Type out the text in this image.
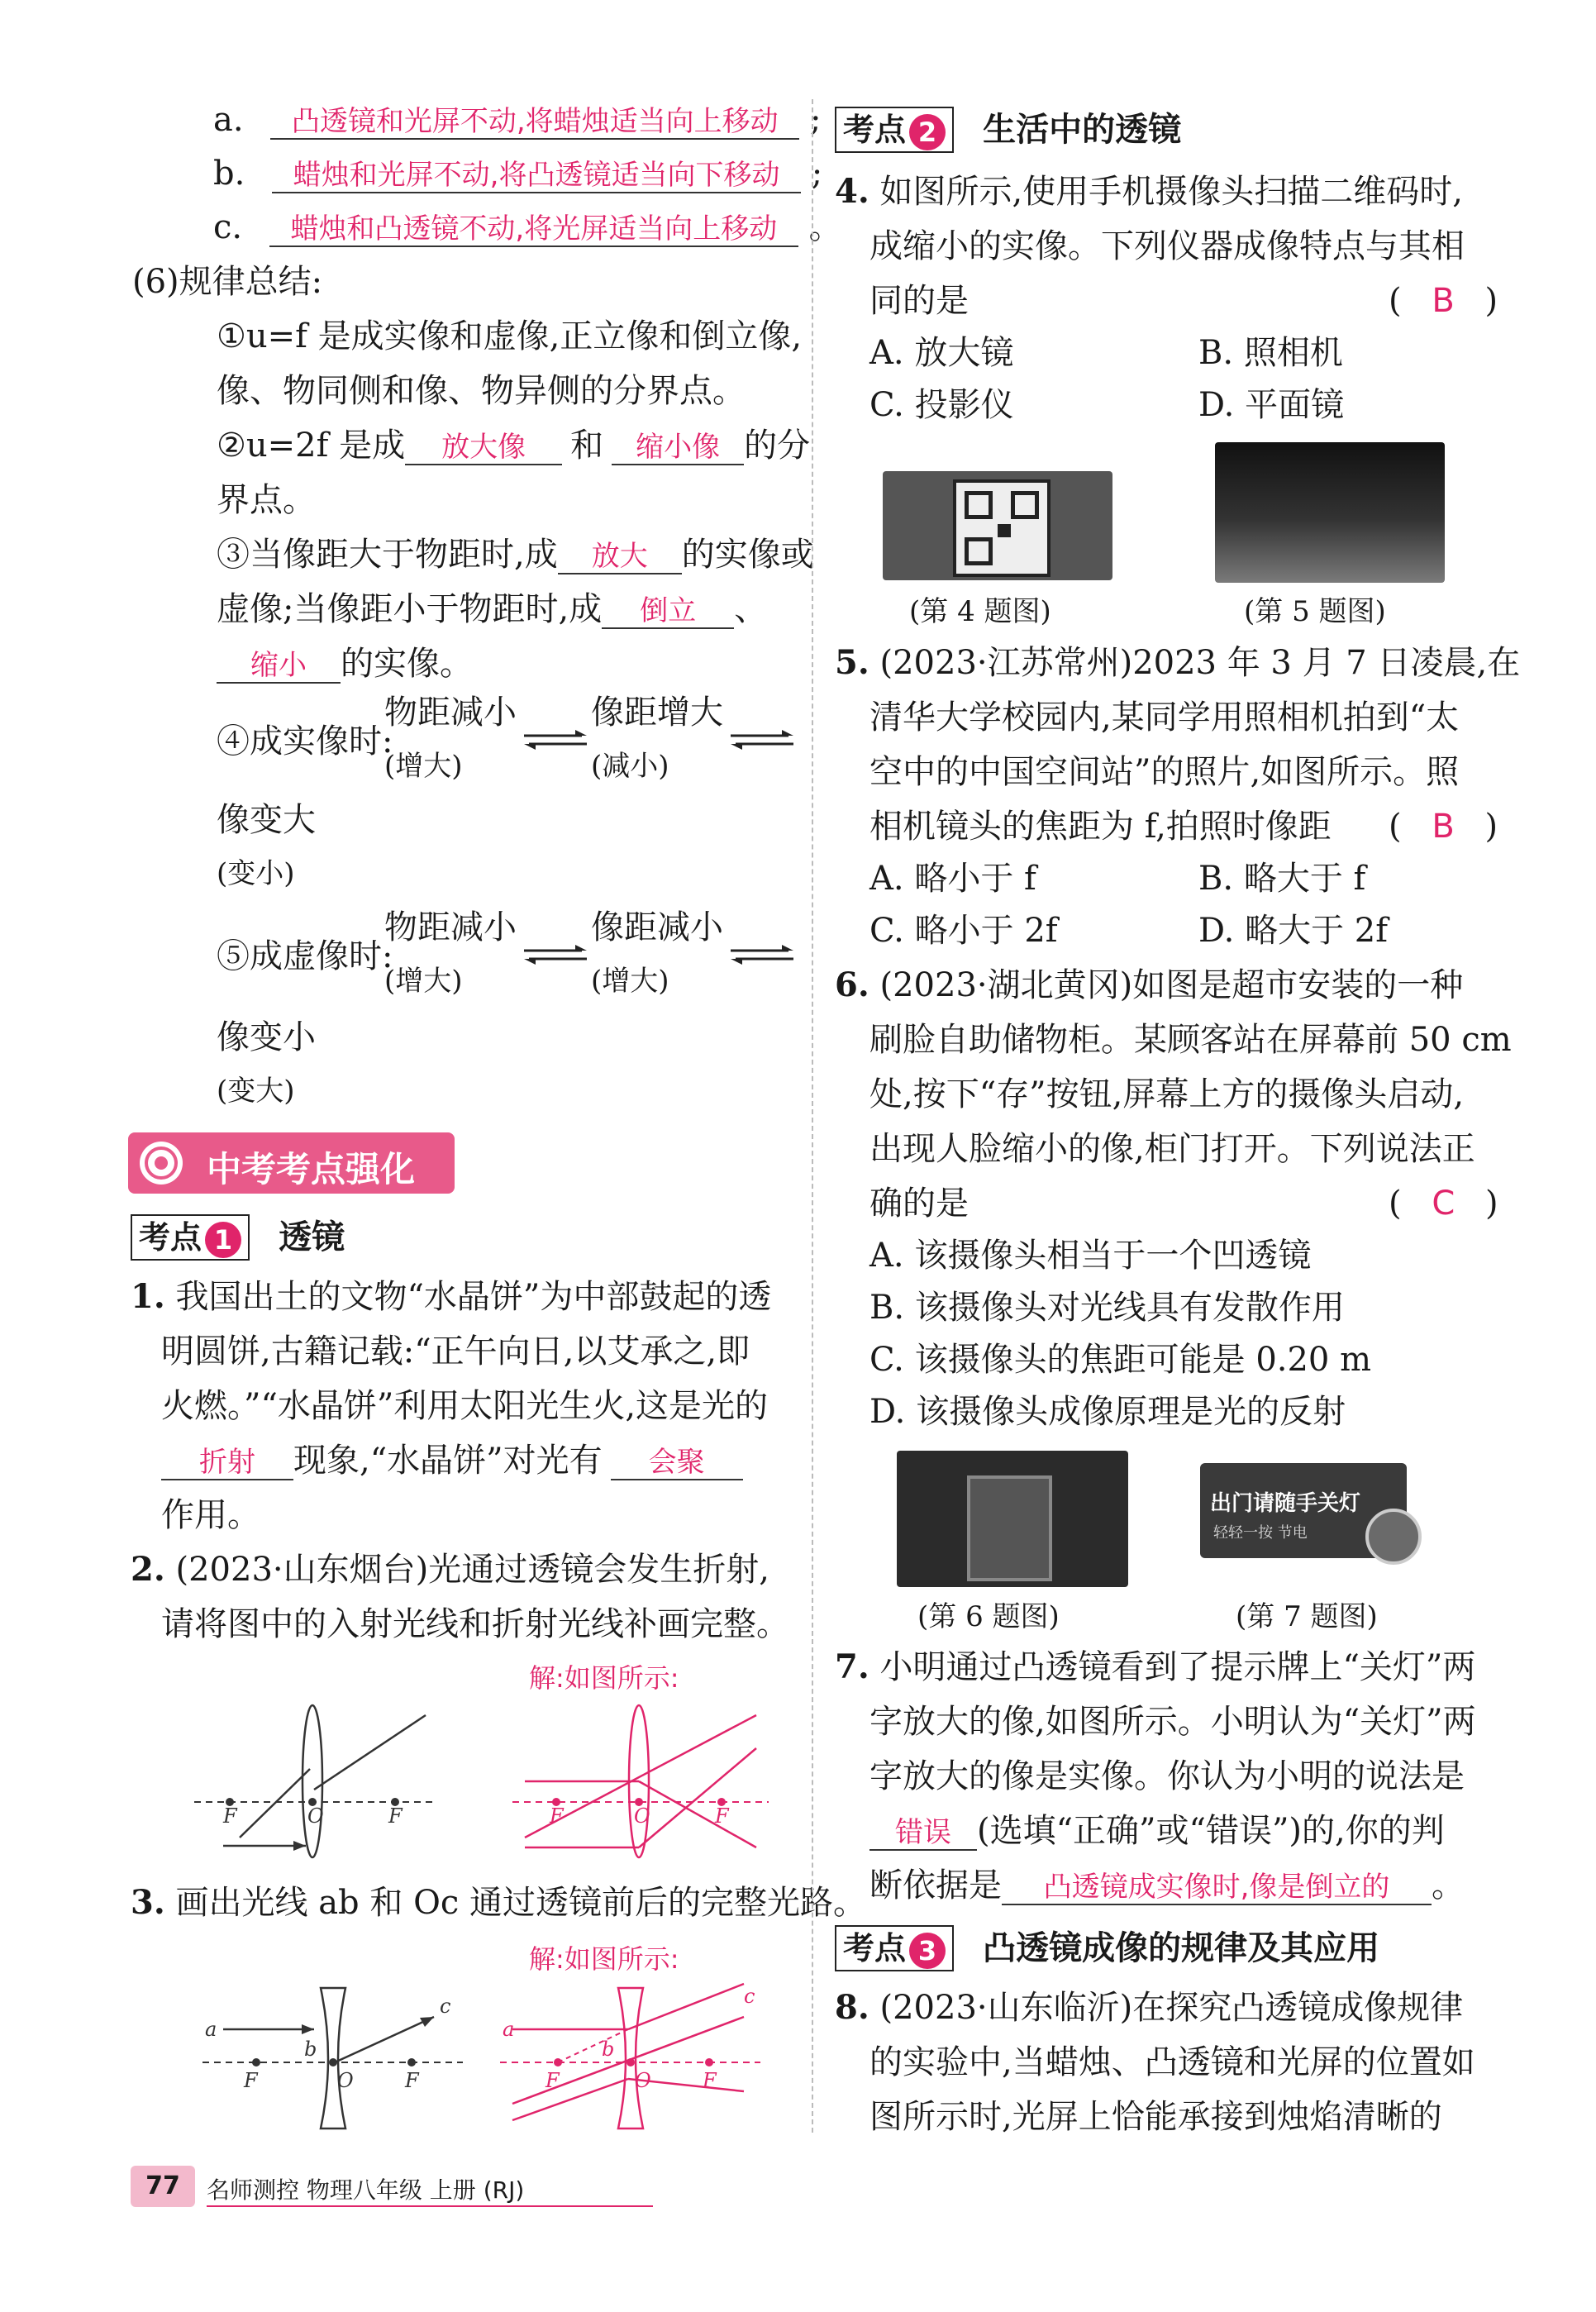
a. 凸透镜和光屏不动,将蜡烛适当向上移动 ;
b. 蜡烛和光屏不动,将凸透镜适当向下移动 ;
c. 蜡烛和凸透镜不动,将光屏适当向上移动 。
(6)规律总结:
①u=f 是成实像和虚像,正立像和倒立像,
像、物同侧和像、物异侧的分界点。
②u=2f 是成 放大像 和 缩小像 的分
界点。
③当像距大于物距时,成 放大 的实像或
虚像;当像距小于物距时,成 倒立 、
缩小 的实像。
④成实像时:
物距减小
(增大)
像距增大
(减小)
像变大
(变小)
⑤成虚像时:
物距减小
(增大)
像距减小
(增大)
像变小
(变大)
中考考点强化
考点 1 透镜
1. 我国出土的文物“水晶饼”为中部鼓起的透
明圆饼,古籍记载:“正午向日,以艾承之,即
火燃。”“水晶饼”利用太阳光生火,这是光的
折射 现象,“水晶饼”对光有 会聚
作用。
2. (2023·山东烟台)光通过透镜会发生折射,
请将图中的入射光线和折射光线补画完整。
解:如图所示:
F	O	F	F	O	F
3. 画出光线 ab 和 Oc 通过透镜前后的完整光路。
解:如图所示:
a
b
c
F	O	F
a
b
c
F	O	F
77	名师测控 物理八年级 上册 (RJ)
考点 2 生活中的透镜
4. 如图所示,使用手机摄像头扫描二维码时,
成缩小的实像。下列仪器成像特点与其相
同的是	( B )
A. 放大镜	B. 照相机
C. 投影仪	D. 平面镜
(第 4 题图)	(第 5 题图)
5. (2023·江苏常州)2023 年 3 月 7 日凌晨,在
清华大学校园内,某同学用照相机拍到“太
空中的中国空间站”的照片,如图所示。照
相机镜头的焦距为 f,拍照时像距 ( B )
A. 略小于 f	B. 略大于 f
C. 略小于 2f	D. 略大于 2f
6. (2023·湖北黄冈)如图是超市安装的一种
刷脸自助储物柜。某顾客站在屏幕前 50 cm
处,按下“存”按钮,屏幕上方的摄像头启动,
出现人脸缩小的像,柜门打开。下列说法正
确的是	( C )
A. 该摄像头相当于一个凹透镜
B. 该摄像头对光线具有发散作用
C. 该摄像头的焦距可能是 0.20 m
D. 该摄像头成像原理是光的反射
出门请随手关灯
轻轻一按 节电
(第 6 题图)	(第 7 题图)
7. 小明通过凸透镜看到了提示牌上“关灯”两
字放大的像,如图所示。小明认为“关灯”两
字放大的像是实像。你认为小明的说法是
错误 (选填“正确”或“错误”)的,你的判
断依据是 凸透镜成实像时,像是倒立的 。
考点 3 凸透镜成像的规律及其应用
8. (2023·山东临沂)在探究凸透镜成像规律
的实验中,当蜡烛、凸透镜和光屏的位置如
图所示时,光屏上恰能承接到烛焰清晰的
